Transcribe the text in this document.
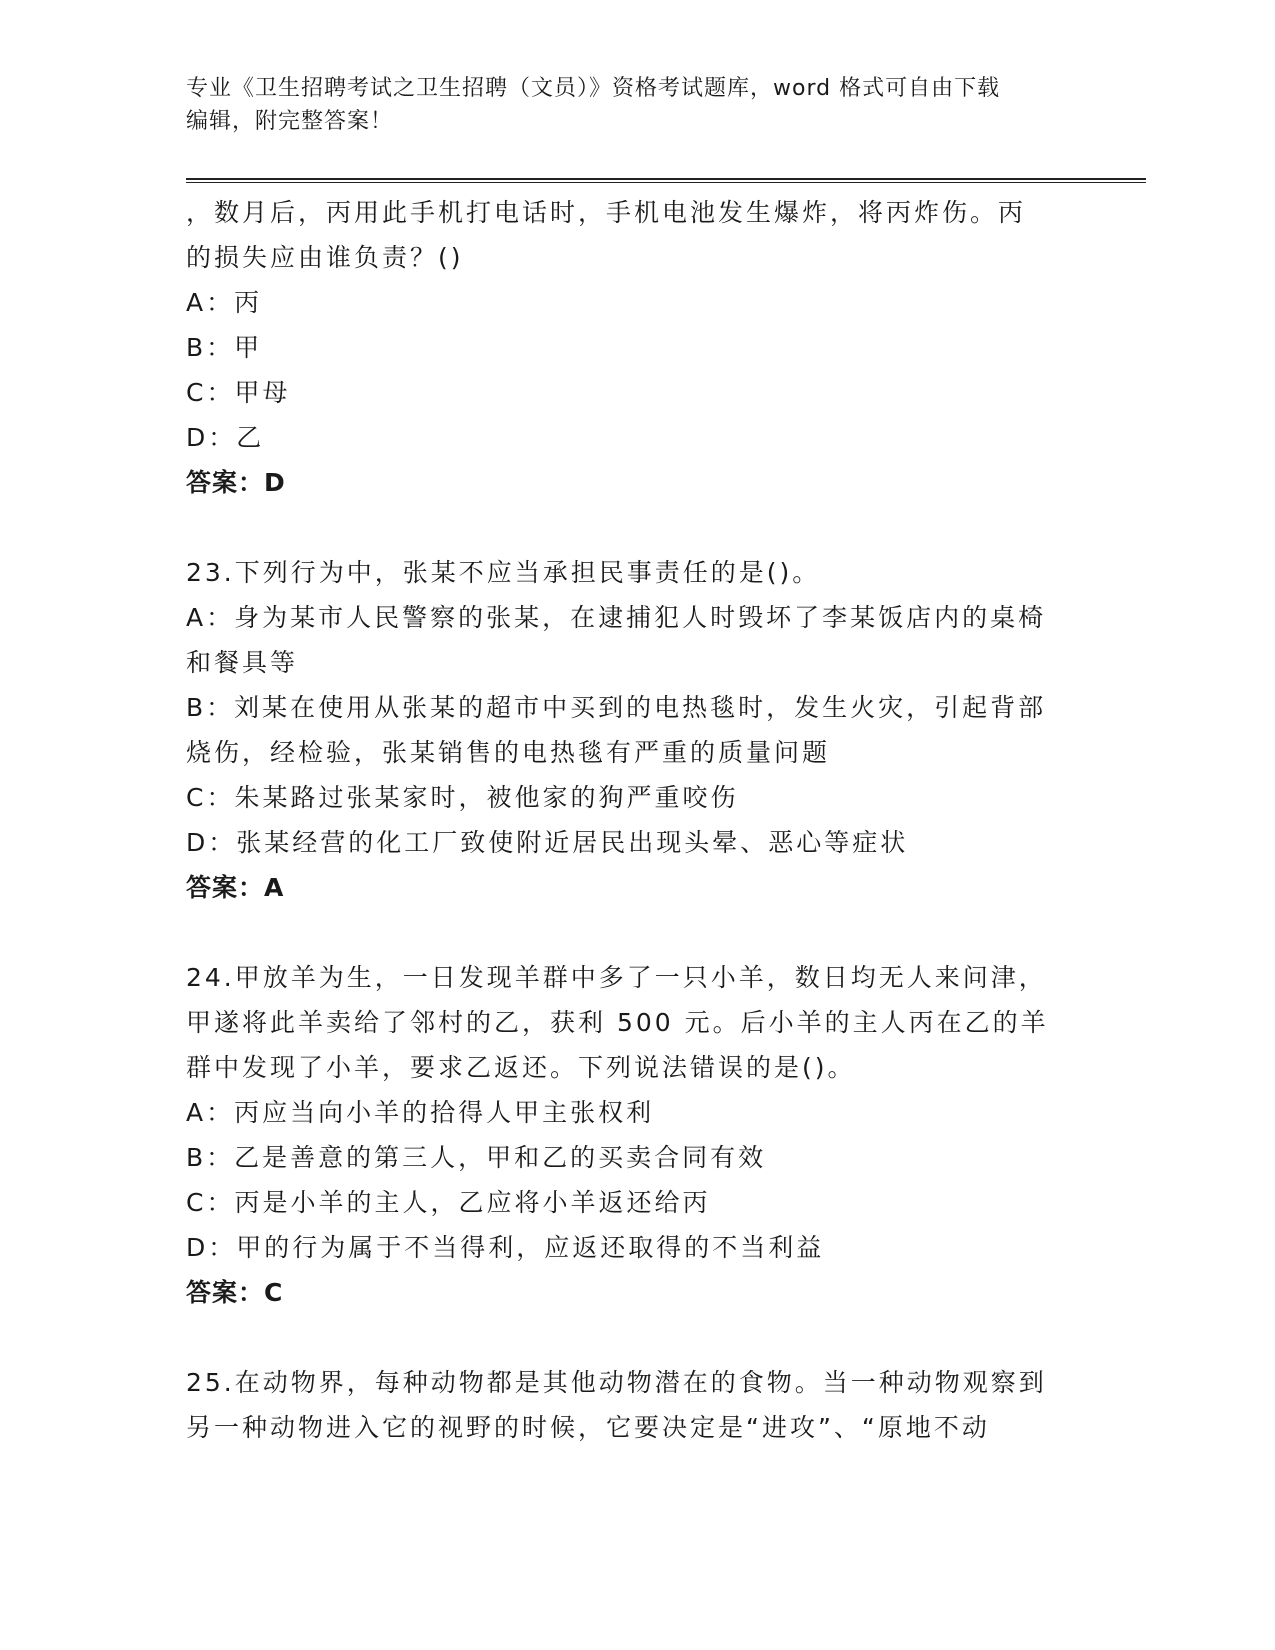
专业《卫生招聘考试之卫生招聘（文员）》资格考试题库，word 格式可自由下载
编辑，附完整答案！
，数月后，丙用此手机打电话时，手机电池发生爆炸，将丙炸伤。丙
的损失应由谁负责？()
A：丙
B：甲
C：甲母
D：乙
答案：D
23.下列行为中，张某不应当承担民事责任的是()。
A：身为某市人民警察的张某，在逮捕犯人时毁坏了李某饭店内的桌椅
和餐具等
B：刘某在使用从张某的超市中买到的电热毯时，发生火灾，引起背部
烧伤，经检验，张某销售的电热毯有严重的质量问题
C：朱某路过张某家时，被他家的狗严重咬伤
D：张某经营的化工厂致使附近居民出现头晕、恶心等症状
答案：A
24.甲放羊为生，一日发现羊群中多了一只小羊，数日均无人来问津，
甲遂将此羊卖给了邻村的乙，获利 500 元。后小羊的主人丙在乙的羊
群中发现了小羊，要求乙返还。下列说法错误的是()。
A：丙应当向小羊的拾得人甲主张权利
B：乙是善意的第三人，甲和乙的买卖合同有效
C：丙是小羊的主人，乙应将小羊返还给丙
D：甲的行为属于不当得利，应返还取得的不当利益
答案：C
25.在动物界，每种动物都是其他动物潜在的食物。当一种动物观察到
另一种动物进入它的视野的时候，它要决定是“进攻”、“原地不动
